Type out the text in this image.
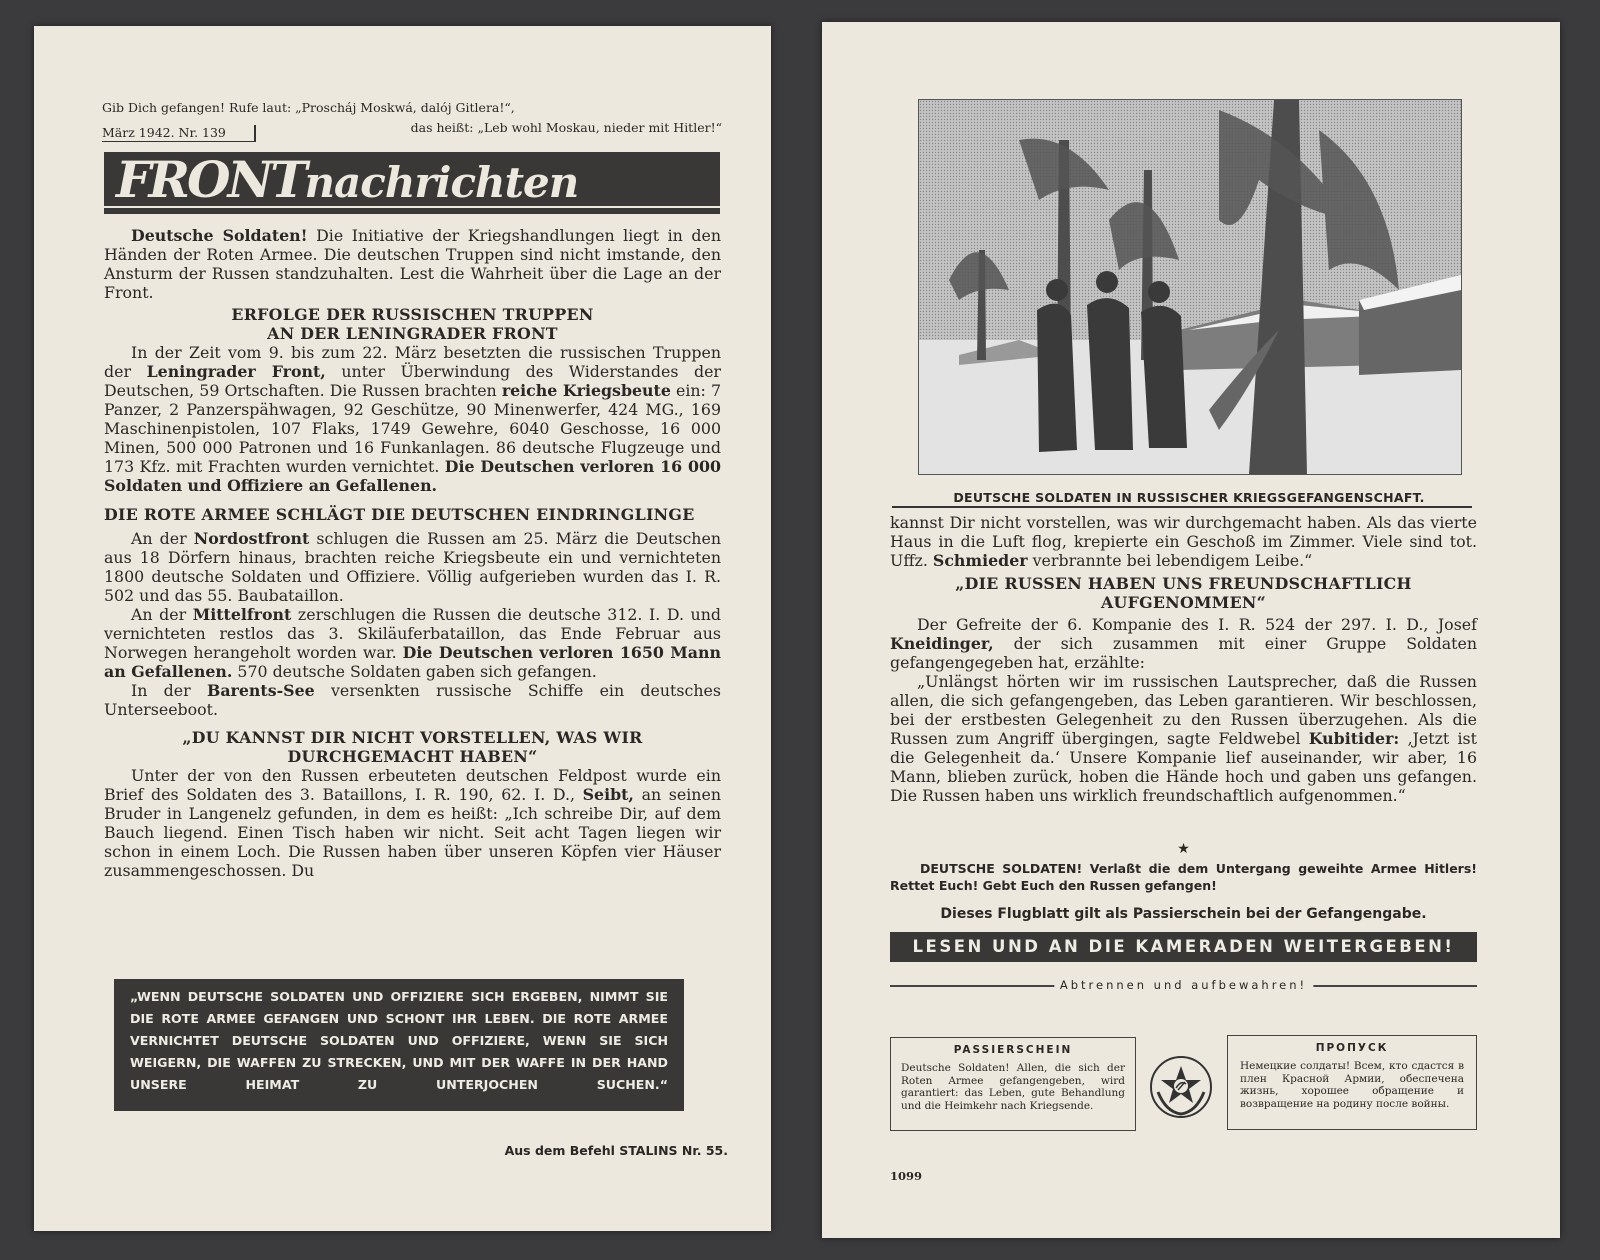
Gib Dich gefangen! Rufe laut: „Proscháj Moskwá, dalój Gitlera!“,
März 1942. Nr. 139	das heißt: „Leb wohl Moskau, nieder mit Hitler!“
FRONTnachrichten

Deutsche Soldaten! Die Initiative der Kriegshandlungen liegt in den Händen der Roten Armee. Die deutschen Truppen sind nicht imstande, den Ansturm der Russen standzuhalten. Lest die Wahrheit über die Lage an der Front.

ERFOLGE DER RUSSISCHEN TRUPPEN
AN DER LENINGRADER FRONT

In der Zeit vom 9. bis zum 22. März besetzten die russischen Truppen der Leningrader Front, unter Überwindung des Widerstandes der Deutschen, 59 Ortschaften. Die Russen brachten reiche Kriegsbeute ein: 7 Panzer, 2 Panzerspähwagen, 92 Geschütze, 90 Minenwerfer, 424 MG., 169 Maschinenpistolen, 107 Flaks, 1749 Gewehre, 6040 Geschosse, 16 000 Minen, 500 000 Patronen und 16 Funkanlagen. 86 deutsche Flugzeuge und 173 Kfz. mit Frachten wurden vernichtet. Die Deutschen verloren 16 000 Soldaten und Offiziere an Gefallenen.

DIE ROTE ARMEE SCHLÄGT DIE DEUTSCHEN EINDRINGLINGE

An der Nordostfront schlugen die Russen am 25. März die Deutschen aus 18 Dörfern hinaus, brachten reiche Kriegsbeute ein und vernichteten 1800 deutsche Soldaten und Offiziere. Völlig aufgerieben wurden das I. R. 502 und das 55. Baubataillon.

An der Mittelfront zerschlugen die Russen die deutsche 312. I. D. und vernichteten restlos das 3. Skiläuferbataillon, das Ende Februar aus Norwegen herangeholt worden war. Die Deutschen verloren 1650 Mann an Gefallenen. 570 deutsche Soldaten gaben sich gefangen.

In der Barents-See versenkten russische Schiffe ein deutsches Unterseeboot.

„DU KANNST DIR NICHT VORSTELLEN, WAS WIR
DURCHGEMACHT HABEN“

Unter der von den Russen erbeuteten deutschen Feldpost wurde ein Brief des Soldaten des 3. Bataillons, I. R. 190, 62. I. D., Seibt, an seinen Bruder in Langenelz gefunden, in dem es heißt: „Ich schreibe Dir, auf dem Bauch liegend. Einen Tisch haben wir nicht. Seit acht Tagen liegen wir schon in einem Loch. Die Russen haben über unseren Köpfen vier Häuser zusammengeschossen. Du

„WENN DEUTSCHE SOLDATEN UND OFFIZIERE SICH ERGEBEN, NIMMT SIE DIE ROTE ARMEE GEFANGEN UND SCHONT IHR LEBEN. DIE ROTE ARMEE VERNICHTET DEUTSCHE SOLDATEN UND OFFIZIERE, WENN SIE SICH WEIGERN, DIE WAFFEN ZU STRECKEN, UND MIT DER WAFFE IN DER HAND UNSERE HEIMAT ZU UNTERJOCHEN SUCHEN.“
Aus dem Befehl STALINS Nr. 55.
DEUTSCHE SOLDATEN IN RUSSISCHER KRIEGSGEFANGENSCHAFT.

kannst Dir nicht vorstellen, was wir durchgemacht haben. Als das vierte Haus in die Luft flog, krepierte ein Geschoß im Zimmer. Viele sind tot. Uffz. Schmieder verbrannte bei lebendigem Leibe.“

„DIE RUSSEN HABEN UNS FREUNDSCHAFTLICH
AUFGENOMMEN“

Der Gefreite der 6. Kompanie des I. R. 524 der 297. I. D., Josef Kneidinger, der sich zusammen mit einer Gruppe Soldaten gefangengegeben hat, erzählte:

„Unlängst hörten wir im russischen Lautsprecher, daß die Russen allen, die sich gefangengeben, das Leben garantieren. Wir beschlossen, bei der erstbesten Gelegenheit zu den Russen überzugehen. Als die Russen zum Angriff übergingen, sagte Feldwebel Kubitider: ‚Jetzt ist die Gelegenheit da.‘ Unsere Kompanie lief auseinander, wir aber, 16 Mann, blieben zurück, hoben die Hände hoch und gaben uns gefangen. Die Russen haben uns wirklich freundschaftlich aufgenommen.“

★
DEUTSCHE SOLDATEN! Verlaßt die dem Untergang geweihte Armee Hitlers! Rettet Euch! Gebt Euch den Russen gefangen!
Dieses Flugblatt gilt als Passierschein bei der Gefangengabe.
LESEN UND AN DIE KAMERADEN WEITERGEBEN!
Abtrennen und aufbewahren!
PASSIERSCHEIN
Deutsche Soldaten! Allen, die sich der Roten Armee gefangengeben, wird garantiert: das Leben, gute Behandlung und die Heimkehr nach Kriegsende.
ПРОПУСК
Немецкие солдаты! Всем, кто сдастся в плен Красной Армии, обеспечена жизнь, хорошее обращение и возвращение на родину после войны.
1099
